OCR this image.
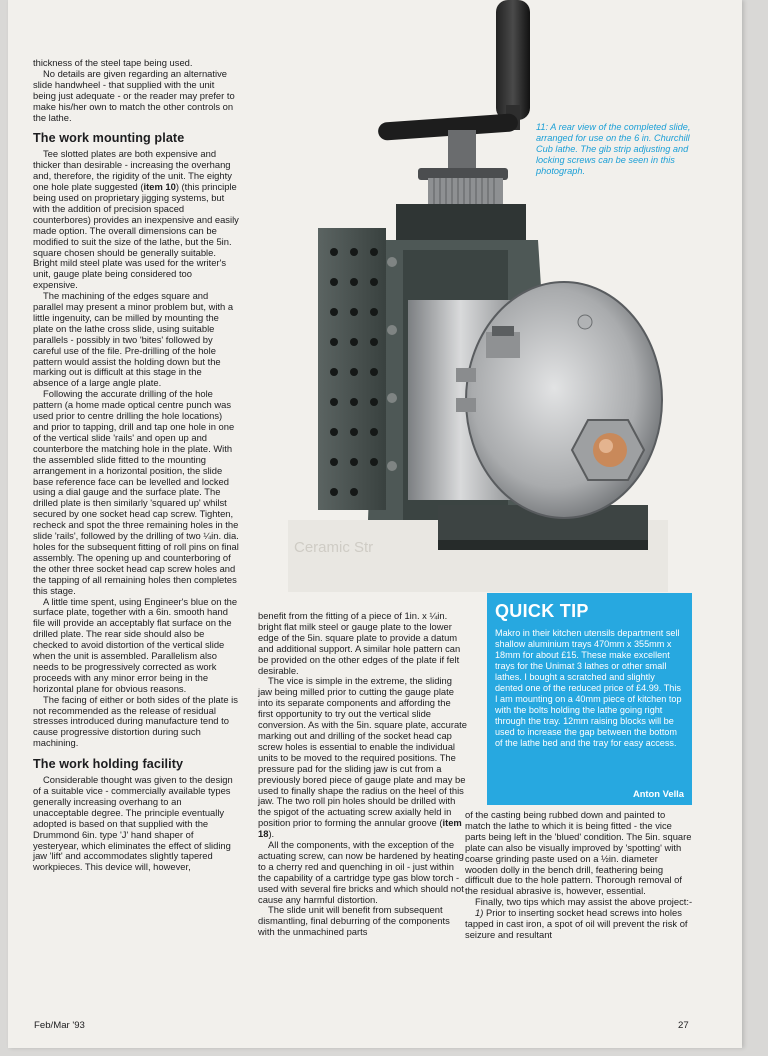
Ceramic Str
11: A rear view of the completed slide, arranged for use on the 6 in. Churchill Cub lathe. The gib strip adjusting and locking screws can be seen in this photograph.

thickness of the steel tape being used.

No details are given regarding an alternative slide handwheel - that supplied with the unit being just adequate - or the reader may prefer to make his/her own to match the other controls on the lathe.

The work mounting plate

Tee slotted plates are both expensive and thicker than desirable - increasing the overhang and, therefore, the rigidity of the unit. The eighty one hole plate suggested (item 10) (this principle being used on proprietary jigging systems, but with the addition of precision spaced counterbores) provides an inexpensive and easily made option. The overall dimensions can be modified to suit the size of the lathe, but the 5in. square chosen should be generally suitable. Bright mild steel plate was used for the writer's unit, gauge plate being considered too expensive.

The machining of the edges square and parallel may present a minor problem but, with a little ingenuity, can be milled by mounting the plate on the lathe cross slide, using suitable parallels - possibly in two 'bites' followed by careful use of the file. Pre-drilling of the hole pattern would assist the holding down but the marking out is difficult at this stage in the absence of a large angle plate.

Following the accurate drilling of the hole pattern (a home made optical centre punch was used prior to centre drilling the hole locations) and prior to tapping, drill and tap one hole in one of the vertical slide 'rails' and open up and counterbore the matching hole in the plate. With the assembled slide fitted to the mounting arrangement in a horizontal position, the slide base reference face can be levelled and locked using a dial gauge and the surface plate. The drilled plate is then similarly 'squared up' whilst secured by one socket head cap screw. Tighten, recheck and spot the three remaining holes in the slide 'rails', followed by the drilling of two ¼in. dia. holes for the subsequent fitting of roll pins on final assembly. The opening up and counterboring of the other three socket head cap screw holes and the tapping of all remaining holes then completes this stage.

A little time spent, using Engineer's blue on the surface plate, together with a 6in. smooth hand file will provide an acceptably flat surface on the drilled plate. The rear side should also be checked to avoid distortion of the vertical slide when the unit is assembled. Parallelism also needs to be progressively corrected as work proceeds with any minor error being in the horizontal plane for obvious reasons.

The facing of either or both sides of the plate is not recommended as the release of residual stresses introduced during manufacture tend to cause progressive distortion during such machining.

The work holding facility

Considerable thought was given to the design of a suitable vice - commercially available types generally increasing overhang to an unacceptable degree. The principle eventually adopted is based on that supplied with the Drummond 6in. type 'J' hand shaper of yesteryear, which eliminates the effect of sliding jaw 'lift' and accommodates slightly tapered workpieces. This device will, however,

benefit from the fitting of a piece of 1in. x ¼in. bright flat milk steel or gauge plate to the lower edge of the 5in. square plate to provide a datum and additional support. A similar hole pattern can be provided on the other edges of the plate if felt desirable.

The vice is simple in the extreme, the sliding jaw being milled prior to cutting the gauge plate into its separate components and affording the first opportunity to try out the vertical slide conversion. As with the 5in. square plate, accurate marking out and drilling of the socket head cap screw holes is essential to enable the individual units to be moved to the required positions. The pressure pad for the sliding jaw is cut from a previously bored piece of gauge plate and may be used to finally shape the radius on the heel of this jaw. The two roll pin holes should be drilled with the spigot of the actuating screw axially held in position prior to forming the annular groove (item 18).

All the components, with the exception of the actuating screw, can now be hardened by heating to a cherry red and quenching in oil - just within the capability of a cartridge type gas blow torch - used with several fire bricks and which should not cause any harmful distortion.

The slide unit will benefit from subsequent dismantling, final deburring of the components with the unmachined parts

QUICK TIP
Makro in their kitchen utensils department sell shallow aluminium trays 470mm x 355mm x 18mm for about £15. These make excellent trays for the Unimat 3 lathes or other small lathes. I bought a scratched and slightly dented one of the reduced price of £4.99. This I am mounting on a 40mm piece of kitchen top with the bolts holding the lathe going right through the tray. 12mm raising blocks will be used to increase the gap between the bottom of the lathe bed and the tray for easy access.
Anton Vella

of the casting being rubbed down and painted to match the lathe to which it is being fitted - the vice parts being left in the 'blued' condition. The 5in. square plate can also be visually improved by 'spotting' with coarse grinding paste used on a ½in. diameter wooden dolly in the bench drill, feathering being difficult due to the hole pattern. Thorough removal of the residual abrasive is, however, essential.

Finally, two tips which may assist the above project:-

1) Prior to inserting socket head screws into holes tapped in cast iron, a spot of oil will prevent the risk of seizure and resultant

Feb/Mar '93	27
